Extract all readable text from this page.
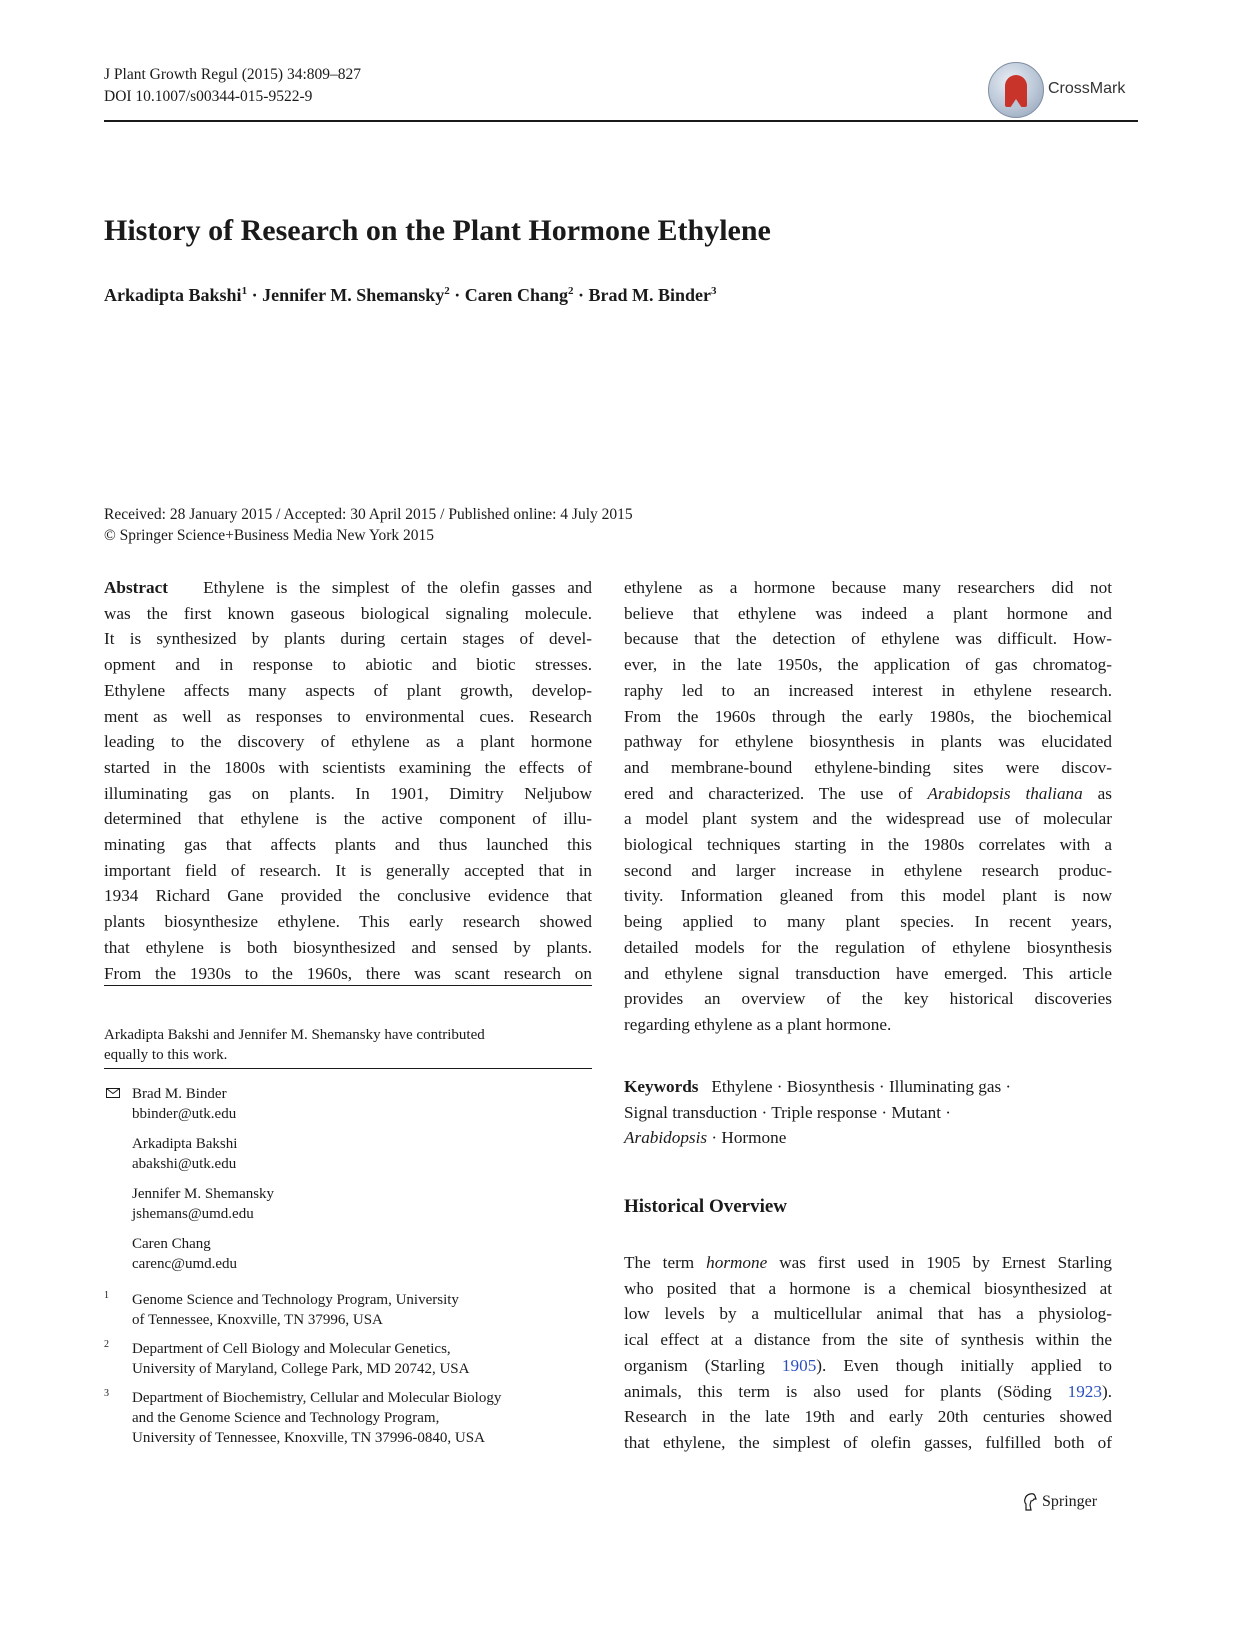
J Plant Growth Regul (2015) 34:809–827
DOI 10.1007/s00344-015-9522-9	CrossMark
History of Research on the Plant Hormone Ethylene
Arkadipta Bakshi$^1$ · Jennifer M. Shemansky$^2$ · Caren Chang$^2$ · Brad M. Binder$^3$
Received: 28 January 2015 / Accepted: 30 April 2015 / Published online: 4 July 2015
© Springer Science+Business Media New York 2015
Abstract Ethylene is the simplest of the olefin gasses and
was the first known gaseous biological signaling molecule.
It is synthesized by plants during certain stages of devel-
opment and in response to abiotic and biotic stresses.
Ethylene affects many aspects of plant growth, develop-
ment as well as responses to environmental cues. Research
leading to the discovery of ethylene as a plant hormone
started in the 1800s with scientists examining the effects of
illuminating gas on plants. In 1901, Dimitry Neljubow
determined that ethylene is the active component of illu-
minating gas that affects plants and thus launched this
important field of research. It is generally accepted that in
1934 Richard Gane provided the conclusive evidence that
plants biosynthesize ethylene. This early research showed
that ethylene is both biosynthesized and sensed by plants.
From the 1930s to the 1960s, there was scant research on
Arkadipta Bakshi and Jennifer M. Shemansky have contributed
equally to this work.
Brad M. Binder
bbinder@utk.edu
Arkadipta Bakshi
abakshi@utk.edu
Jennifer M. Shemansky
jshemans@umd.edu
Caren Chang
carenc@umd.edu
1 Genome Science and Technology Program, University
of Tennessee, Knoxville, TN 37996, USA
2 Department of Cell Biology and Molecular Genetics,
University of Maryland, College Park, MD 20742, USA
3 Department of Biochemistry, Cellular and Molecular Biology
and the Genome Science and Technology Program,
University of Tennessee, Knoxville, TN 37996-0840, USA
ethylene as a hormone because many researchers did not
believe that ethylene was indeed a plant hormone and
because that the detection of ethylene was difficult. How-
ever, in the late 1950s, the application of gas chromatog-
raphy led to an increased interest in ethylene research.
From the 1960s through the early 1980s, the biochemical
pathway for ethylene biosynthesis in plants was elucidated
and membrane-bound ethylene-binding sites were discov-
ered and characterized. The use of Arabidopsis thaliana as
a model plant system and the widespread use of molecular
biological techniques starting in the 1980s correlates with a
second and larger increase in ethylene research produc-
tivity. Information gleaned from this model plant is now
being applied to many plant species. In recent years,
detailed models for the regulation of ethylene biosynthesis
and ethylene signal transduction have emerged. This article
provides an overview of the key historical discoveries
regarding ethylene as a plant hormone.
Keywords Ethylene · Biosynthesis · Illuminating gas ·
Signal transduction · Triple response · Mutant ·
Arabidopsis · Hormone
Historical Overview
The term hormone was first used in 1905 by Ernest Starling
who posited that a hormone is a chemical biosynthesized at
low levels by a multicellular animal that has a physiolog-
ical effect at a distance from the site of synthesis within the
organism (Starling 1905). Even though initially applied to
animals, this term is also used for plants (Söding 1923).
Research in the late 19th and early 20th centuries showed
that ethylene, the simplest of olefin gasses, fulfilled both of
Springer
